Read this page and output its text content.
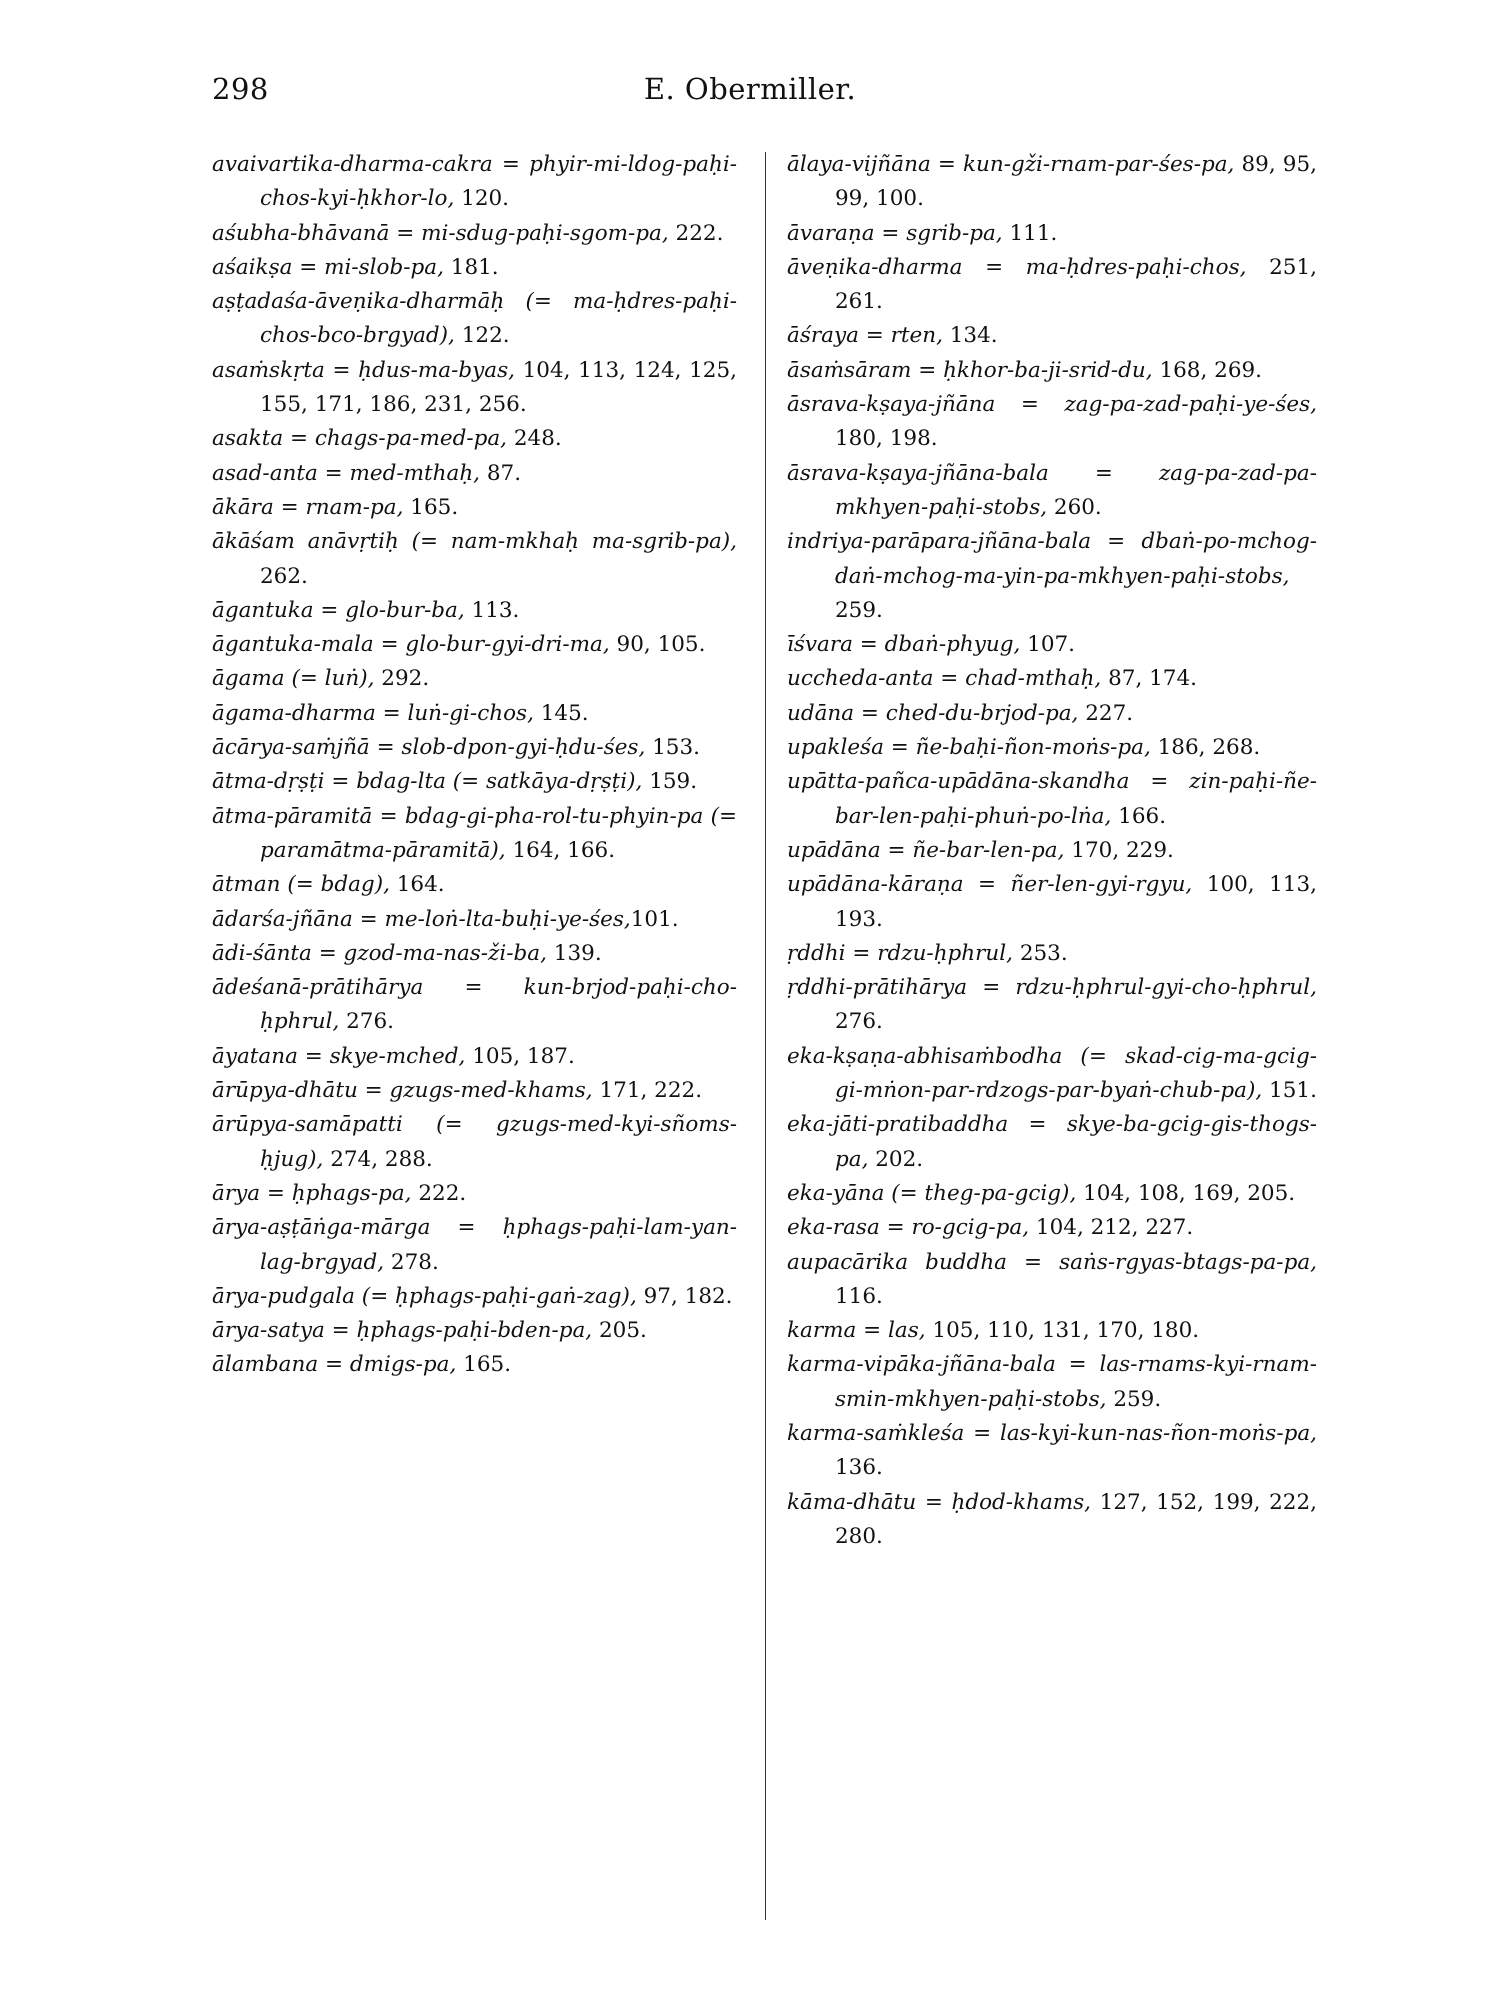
298	E. Obermiller.

avaivartika-dharma-cakra = phyir-mi-ldog-paḥi-chos-kyi-ḥkhor-lo, 120.

aśubha-bhāvanā = mi-sdug-paḥi-sgom-pa, 222.

aśaikṣa = mi-slob-pa, 181.

aṣṭadaśa-āveṇika-dharmāḥ (= ma-ḥdres-paḥi-chos-bco-brgyad), 122.

asaṁskṛta = ḥdus-ma-byas, 104, 113, 124, 125, 155, 171, 186, 231, 256.

asakta = chags-pa-med-pa, 248.

asad-anta = med-mthaḥ, 87.

ākāra = rnam-pa, 165.

ākāśam anāvṛtiḥ (= nam-mkhaḥ ma-sgrib-pa), 262.

āgantuka = glo-bur-ba, 113.

āgantuka-mala = glo-bur-gyi-dri-ma, 90, 105.

āgama (= luṅ), 292.

āgama-dharma = luṅ-gi-chos, 145.

ācārya-saṁjñā = slob-dpon-gyi-ḥdu-śes, 153.

ātma-dṛṣṭi = bdag-lta (= satkāya-dṛṣṭi), 159.

ātma-pāramitā = bdag-gi-pha-rol-tu-phyin-pa (= paramātma-pāramitā), 164, 166.

ātman (= bdag), 164.

ādarśa-jñāna = me-loṅ-lta-buḥi-ye-śes,101.

ādi-śānta = gzod-ma-nas-ži-ba, 139.

ādeśanā-prātihārya = kun-brjod-paḥi-cho-ḥphrul, 276.

āyatana = skye-mched, 105, 187.

ārūpya-dhātu = gzugs-med-khams, 171, 222.

ārūpya-samāpatti (= gzugs-med-kyi-sñoms-ḥjug), 274, 288.

ārya = ḥphags-pa, 222.

ārya-aṣṭāṅga-mārga = ḥphags-paḥi-lam-yan-lag-brgyad, 278.

ārya-pudgala (= ḥphags-paḥi-gaṅ-zag), 97, 182.

ārya-satya = ḥphags-paḥi-bden-pa, 205.

ālambana = dmigs-pa, 165.

ālaya-vijñāna = kun-gži-rnam-par-śes-pa, 89, 95, 99, 100.

āvaraṇa = sgrib-pa, 111.

āveṇika-dharma = ma-ḥdres-paḥi-chos, 251, 261.

āśraya = rten, 134.

āsaṁsāram = ḥkhor-ba-ji-srid-du, 168, 269.

āsrava-kṣaya-jñāna = zag-pa-zad-paḥi-ye-śes, 180, 198.

āsrava-kṣaya-jñāna-bala = zag-pa-zad-pa-mkhyen-paḥi-stobs, 260.

indriya-parāpara-jñāna-bala = dbaṅ-po-mchog-daṅ-mchog-ma-yin-pa-mkhyen-paḥi-stobs, 259.

īśvara = dbaṅ-phyug, 107.

uccheda-anta = chad-mthaḥ, 87, 174.

udāna = ched-du-brjod-pa, 227.

upakleśa = ñe-baḥi-ñon-moṅs-pa, 186, 268.

upātta-pañca-upādāna-skandha = zin-paḥi-ñe-bar-len-paḥi-phuṅ-po-lṅa, 166.

upādāna = ñe-bar-len-pa, 170, 229.

upādāna-kāraṇa = ñer-len-gyi-rgyu, 100, 113, 193.

ṛddhi = rdzu-ḥphrul, 253.

ṛddhi-prātihārya = rdzu-ḥphrul-gyi-cho-ḥphrul, 276.

eka-kṣaṇa-abhisaṁbodha (= skad-cig-ma-gcig-gi-mṅon-par-rdzogs-par-byaṅ-chub-pa), 151.

eka-jāti-pratibaddha = skye-ba-gcig-gis-thogs-pa, 202.

eka-yāna (= theg-pa-gcig), 104, 108, 169, 205.

eka-rasa = ro-gcig-pa, 104, 212, 227.

aupacārika buddha = saṅs-rgyas-btags-pa-pa, 116.

karma = las, 105, 110, 131, 170, 180.

karma-vipāka-jñāna-bala = las-rnams-kyi-rnam-smin-mkhyen-paḥi-stobs, 259.

karma-saṁkleśa = las-kyi-kun-nas-ñon-moṅs-pa, 136.

kāma-dhātu = ḥdod-khams, 127, 152, 199, 222, 280.
